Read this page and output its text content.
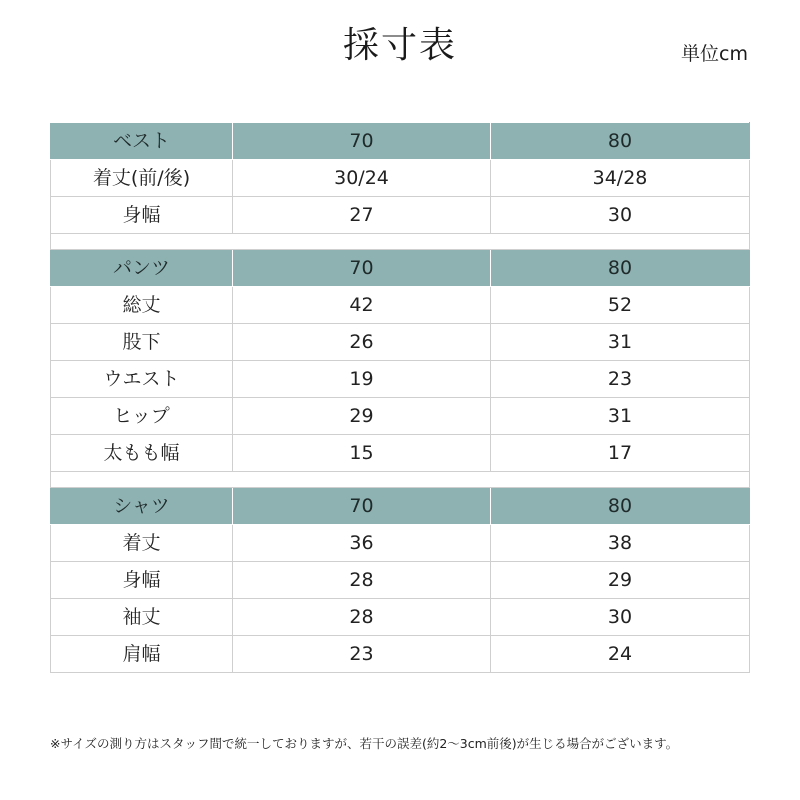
採寸表	単位cm
ベスト	70	80
着丈(前/後)	30/24	34/28
身幅	27	30

パンツ	70	80
総丈	42	52
股下	26	31
ウエスト	19	23
ヒップ	29	31
太もも幅	15	17

シャツ	70	80
着丈	36	38
身幅	28	29
袖丈	28	30
肩幅	23	24
※サイズの測り方はスタッフ間で統一しておりますが、若干の誤差(約2〜3cm前後)が生じる場合がございます。
